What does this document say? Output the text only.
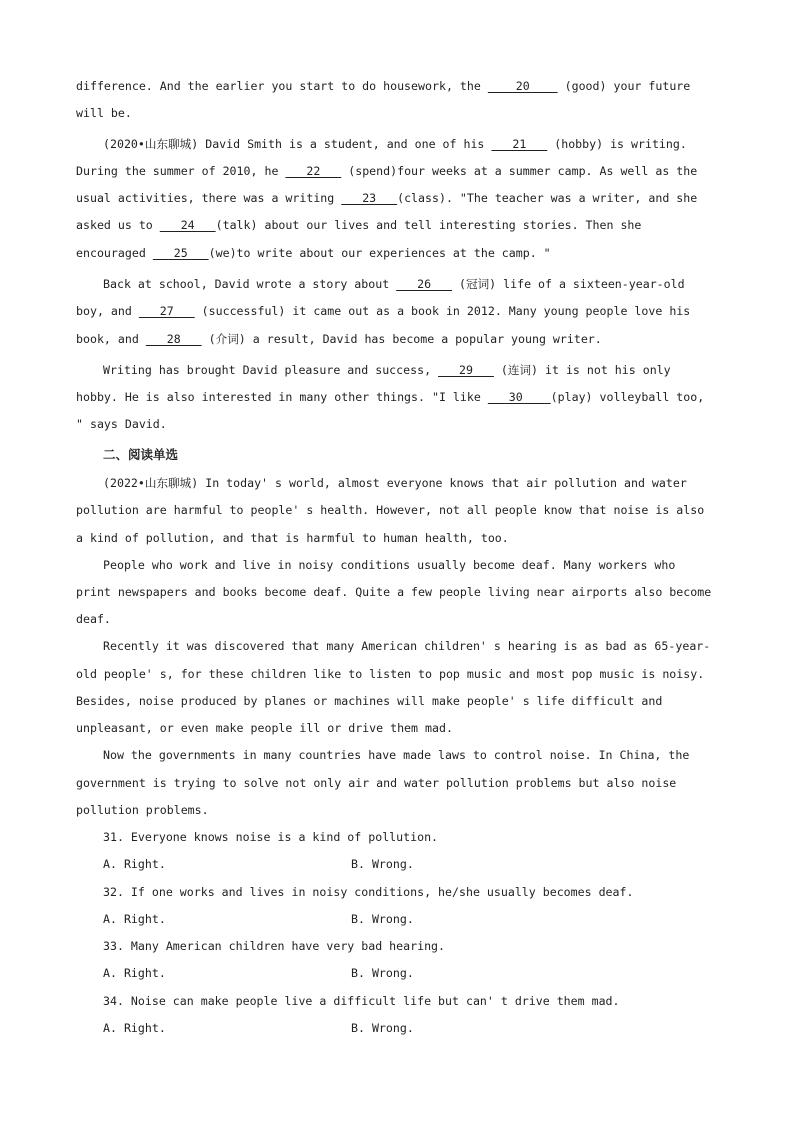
difference. And the earlier you start to do housework, the     20     (good) your future
will be.
(2020•山东聊城) David Smith is a student, and one of his    21    (hobby) is writing.
During the summer of 2010, he    22    (spend)four weeks at a summer camp. As well as the
usual activities, there was a writing    23   (class). "The teacher was a writer, and she
asked us to    24   (talk) about our lives and tell interesting stories. Then she
encouraged    25   (we)to write about our experiences at the camp. "
Back at school, David wrote a story about    26    (冠词) life of a sixteen-year-old
boy, and    27    (successful) it came out as a book in 2012. Many young people love his
book, and    28    (介词) a result, David has become a popular young writer.
Writing has brought David pleasure and success,    29    (连词) it is not his only
hobby. He is also interested in many other things. "I like    30    (play) volleyball too,
" says David.
二、阅读单选
(2022•山东聊城) In today' s world, almost everyone knows that air pollution and water
pollution are harmful to people' s health. However, not all people know that noise is also
a kind of pollution, and that is harmful to human health, too.
People who work and live in noisy conditions usually become deaf. Many workers who
print newspapers and books become deaf. Quite a few people living near airports also become
deaf.
Recently it was discovered that many American children' s hearing is as bad as 65-year-
old people' s, for these children like to listen to pop music and most pop music is noisy.
Besides, noise produced by planes or machines will make people' s life difficult and
unpleasant, or even make people ill or drive them mad.
Now the governments in many countries have made laws to control noise. In China, the
government is trying to solve not only air and water pollution problems but also noise
pollution problems.
31. Everyone knows noise is a kind of pollution.
A. Right.	B. Wrong.
32. If one works and lives in noisy conditions, he/she usually becomes deaf.
A. Right.	B. Wrong.
33. Many American children have very bad hearing.
A. Right.	B. Wrong.
34. Noise can make people live a difficult life but can' t drive them mad.
A. Right.	B. Wrong.
